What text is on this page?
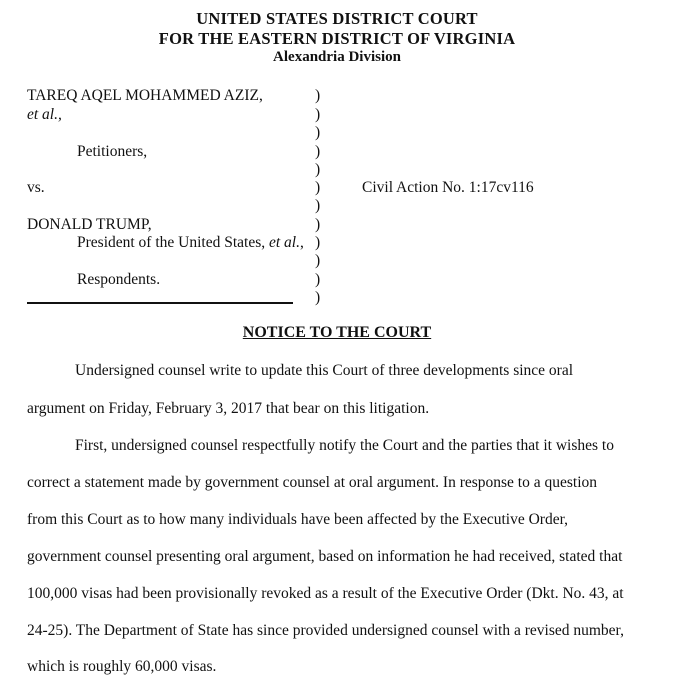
UNITED STATES DISTRICT COURT
FOR THE EASTERN DISTRICT OF VIRGINIA
Alexandria Division
TAREQ AQEL MOHAMMED AZIZ,
et al.,
Petitioners,
vs.
DONALD TRUMP,
President of the United States, et al.,
Respondents.
Civil Action No. 1:17cv116
)
)
)
)
)
)
)
)
)
)
)
)
NOTICE TO THE COURT
Undersigned counsel write to update this Court of three developments since oral
argument on Friday, February 3, 2017 that bear on this litigation.
First, undersigned counsel respectfully notify the Court and the parties that it wishes to
correct a statement made by government counsel at oral argument. In response to a question
from this Court as to how many individuals have been affected by the Executive Order,
government counsel presenting oral argument, based on information he had received, stated that
100,000 visas had been provisionally revoked as a result of the Executive Order (Dkt. No. 43, at
24-25). The Department of State has since provided undersigned counsel with a revised number,
which is roughly 60,000 visas.
